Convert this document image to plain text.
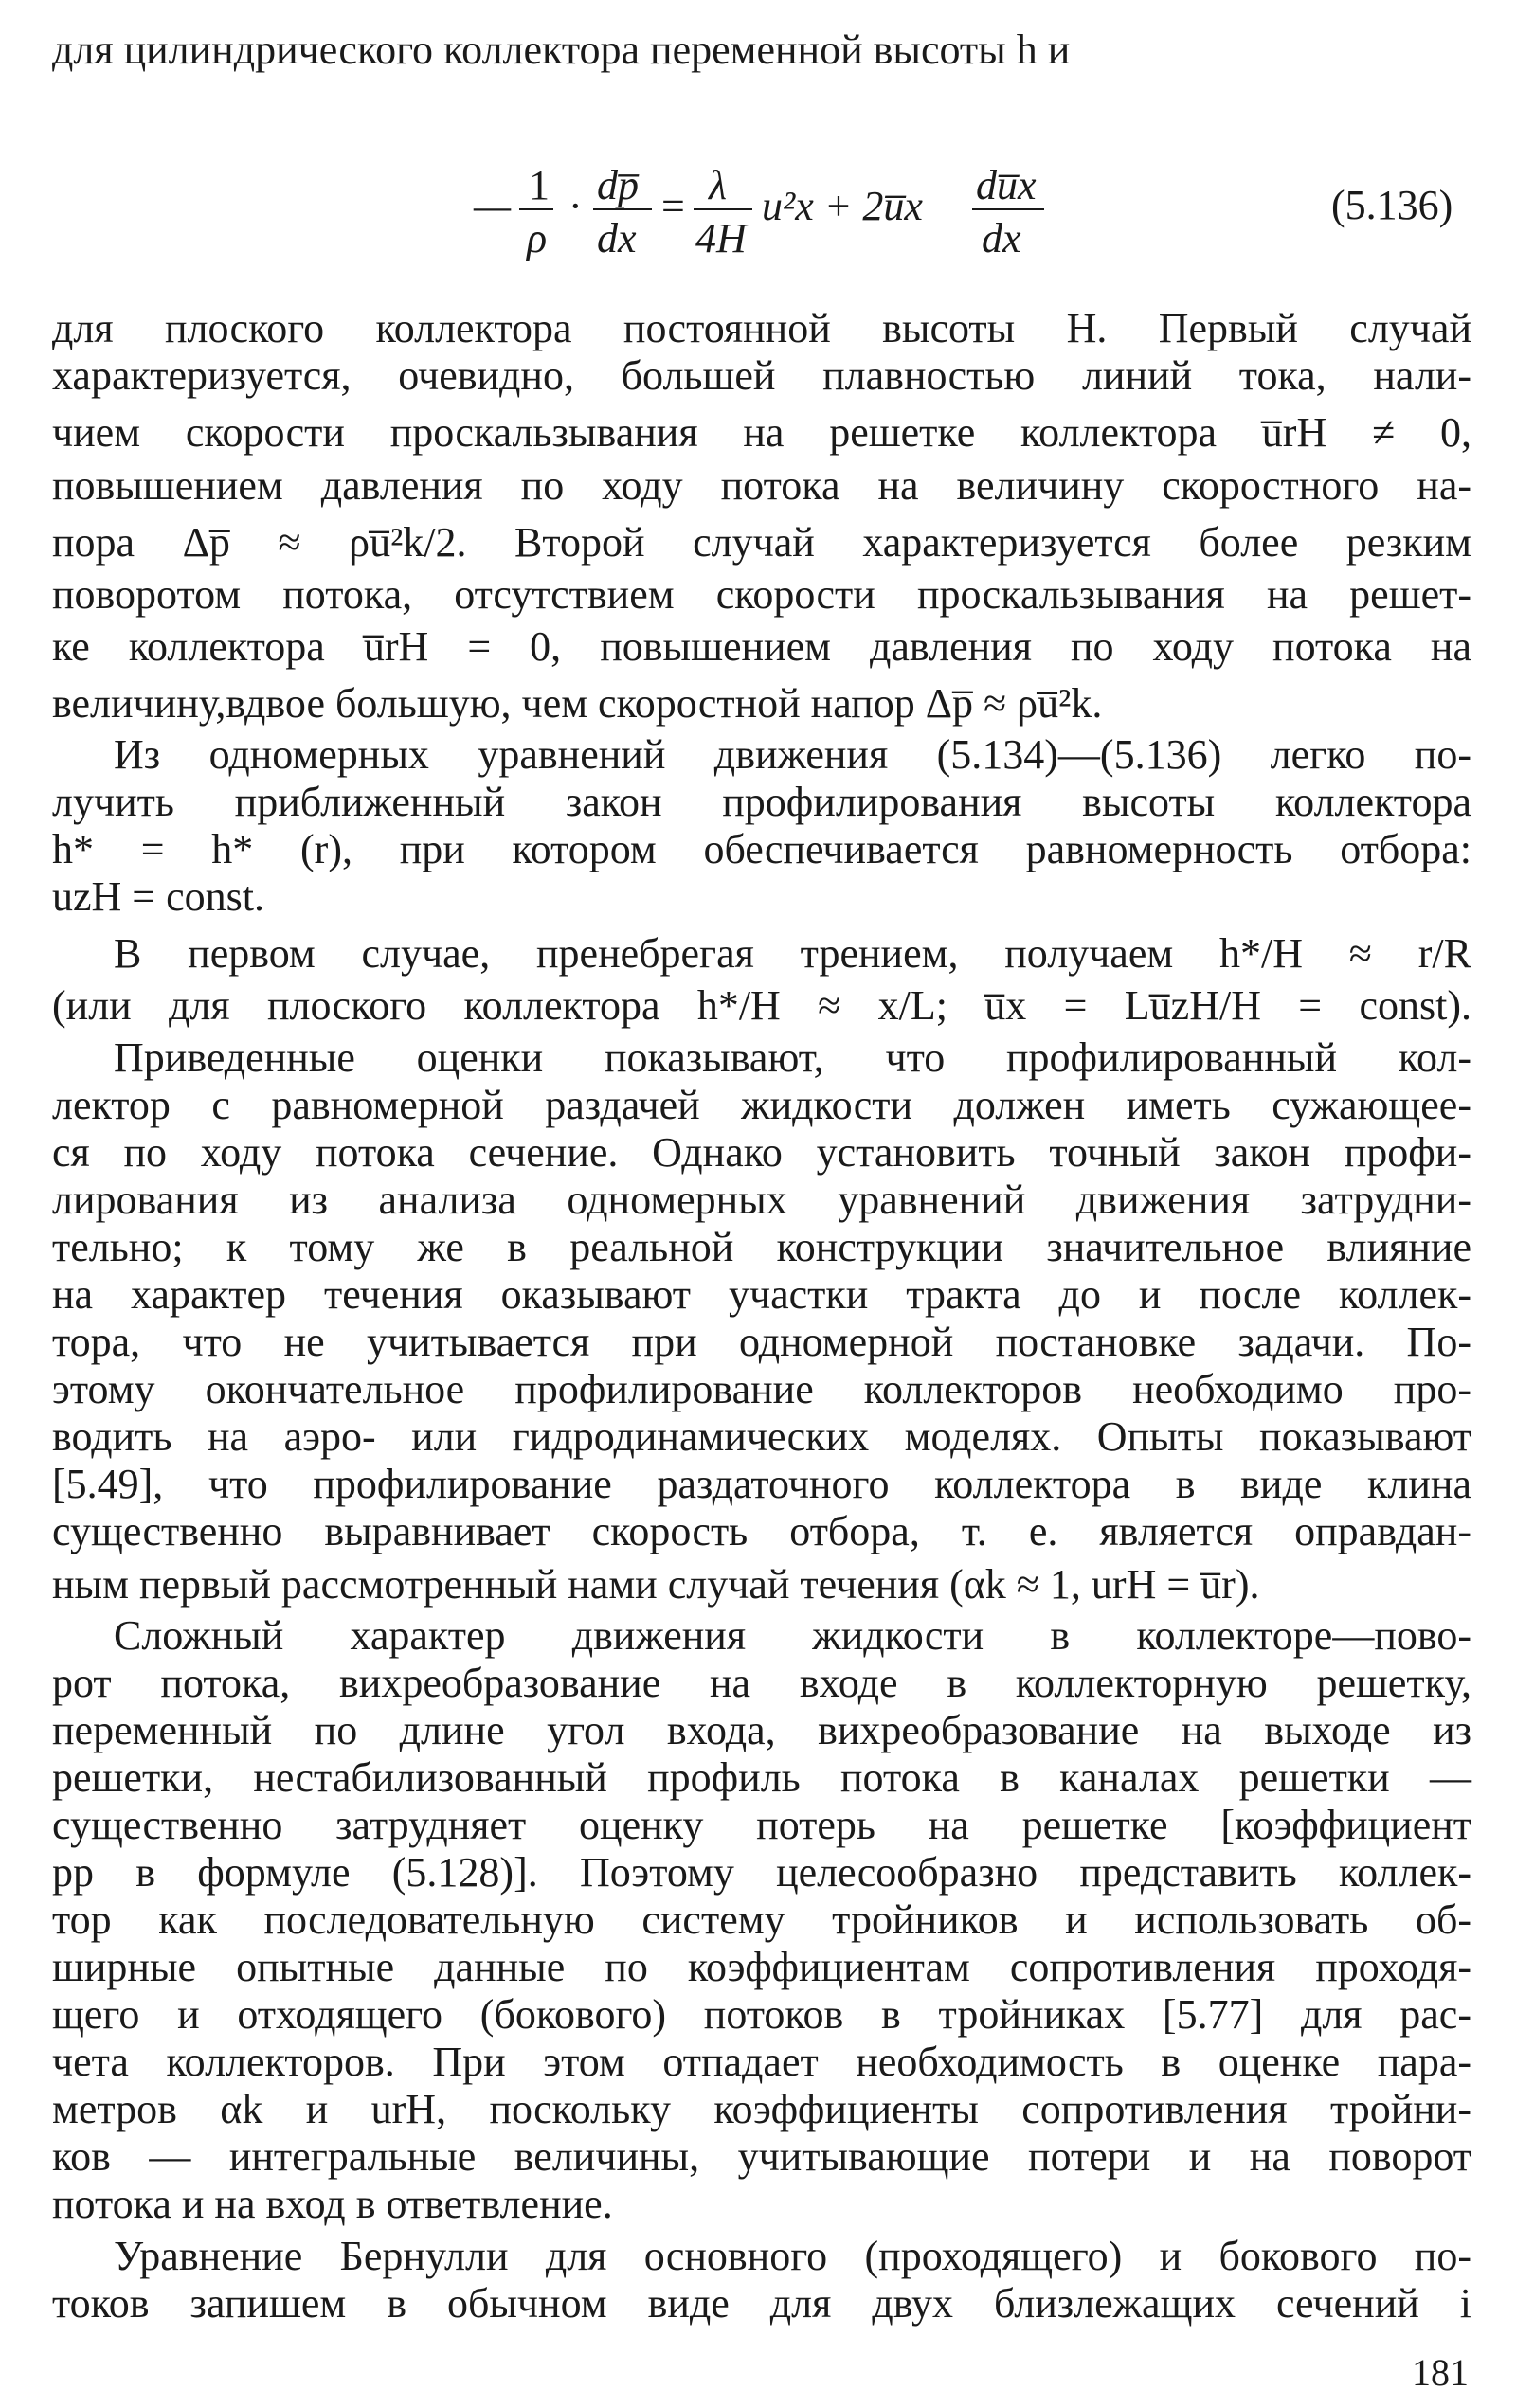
для цилиндрического коллектора переменной высоты h и

для плоского коллектора постоянной высоты H. Первый случай

характеризуется, очевидно, большей плавностью линий тока, нали-

чием скорости проскальзывания на решетке коллектора u̅rH ≠ 0,

повышением давления по ходу потока на величину скоростного на-

пора Δp̅ ≈ ρu̅²k/2. Второй случай характеризуется более резким

поворотом потока, отсутствием скорости проскальзывания на решет-

ке коллектора u̅rH = 0, повышением давления по ходу потока на

величину,вдвое большую, чем скоростной напор Δp̅ ≈ ρu̅²k.

Из одномерных уравнений движения (5.134)—(5.136) легко по-

лучить приближенный закон профилирования высоты коллектора

h* = h* (r), при котором обеспечивается равномерность отбора:

uzH = const.

В первом случае, пренебрегая трением, получаем h*/H ≈ r/R

(или для плоского коллектора h*/H ≈ x/L; u̅x = Lu̅zH/H = const).

Приведенные оценки показывают, что профилированный кол-

лектор с равномерной раздачей жидкости должен иметь сужающее-

ся по ходу потока сечение. Однако установить точный закон профи-

лирования из анализа одномерных уравнений движения затрудни-

тельно; к тому же в реальной конструкции значительное влияние

на характер течения оказывают участки тракта до и после коллек-

тора, что не учитывается при одномерной постановке задачи. По-

этому окончательное профилирование коллекторов необходимо про-

водить на аэро- или гидродинамических моделях. Опыты показывают

[5.49], что профилирование раздаточного коллектора в виде клина

существенно выравнивает скорость отбора, т. е. является оправдан-

ным первый рассмотренный нами случай течения (αk ≈ 1, urH = u̅r).

Сложный характер движения жидкости в коллекторе—пово-

рот потока, вихреобразование на входе в коллекторную решетку,

переменный по длине угол входа, вихреобразование на выходе из

решетки, нестабилизованный профиль потока в каналах решетки —

существенно затрудняет оценку потерь на решетке [коэффициент

pр в формуле (5.128)]. Поэтому целесообразно представить коллек-

тор как последовательную систему тройников и использовать об-

ширные опытные данные по коэффициентам сопротивления проходя-

щего и отходящего (бокового) потоков в тройниках [5.77] для рас-

чета коллекторов. При этом отпадает необходимость в оценке пара-

метров αk и urH, поскольку коэффициенты сопротивления тройни-

ков — интегральные величины, учитывающие потери и на поворот

потока и на вход в ответвление.

Уравнение Бернулли для основного (проходящего) и бокового по-

токов запишем в обычном виде для двух близлежащих сечений i

— 1
ρ
· dp̅
dx
= λ
4H
u²x + 2u̅x du̅x
dx
(5.136)
181
